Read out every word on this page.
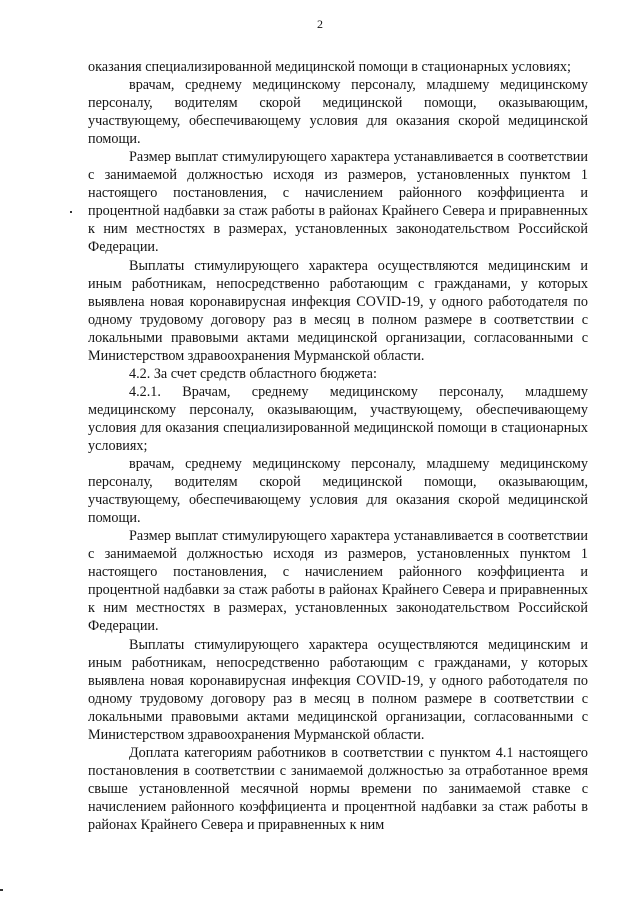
2

оказания специализированной медицинской помощи в стационарных условиях;

врачам, среднему медицинскому персоналу, младшему медицинскому персоналу, водителям скорой медицинской помощи, оказывающим, участвующему, обеспечивающему условия для оказания скорой медицинской помощи.

Размер выплат стимулирующего характера устанавливается в соответствии с занимаемой должностью исходя из размеров, установленных пунктом 1 настоящего постановления, с начислением районного коэффициента и процентной надбавки за стаж работы в районах Крайнего Севера и приравненных к ним местностях в размерах, установленных законодательством Российской Федерации.

Выплаты стимулирующего характера осуществляются медицинским и иным работникам, непосредственно работающим с гражданами, у которых выявлена новая коронавирусная инфекция COVID-19, у одного работодателя по одному трудовому договору раз в месяц в полном размере в соответствии с локальными правовыми актами медицинской организации, согласованными с Министерством здравоохранения Мурманской области.

4.2. За счет средств областного бюджета:

4.2.1. Врачам, среднему медицинскому персоналу, младшему медицинскому персоналу, оказывающим, участвующему, обеспечивающему условия для оказания специализированной медицинской помощи в стационарных условиях;

врачам, среднему медицинскому персоналу, младшему медицинскому персоналу, водителям скорой медицинской помощи, оказывающим, участвующему, обеспечивающему условия для оказания скорой медицинской помощи.

Размер выплат стимулирующего характера устанавливается в соответствии с занимаемой должностью исходя из размеров, установленных пунктом 1 настоящего постановления, с начислением районного коэффициента и процентной надбавки за стаж работы в районах Крайнего Севера и приравненных к ним местностях в размерах, установленных законодательством Российской Федерации.

Выплаты стимулирующего характера осуществляются медицинским и иным работникам, непосредственно работающим с гражданами, у которых выявлена новая коронавирусная инфекция COVID-19, у одного работодателя по одному трудовому договору раз в месяц в полном размере в соответствии с локальными правовыми актами медицинской организации, согласованными с Министерством здравоохранения Мурманской области.

Доплата категориям работников в соответствии с пунктом 4.1 настоящего постановления в соответствии с занимаемой должностью за отработанное время свыше установленной месячной нормы времени по занимаемой ставке с начислением районного коэффициента и процентной надбавки за стаж работы в районах Крайнего Севера и приравненных к ним
